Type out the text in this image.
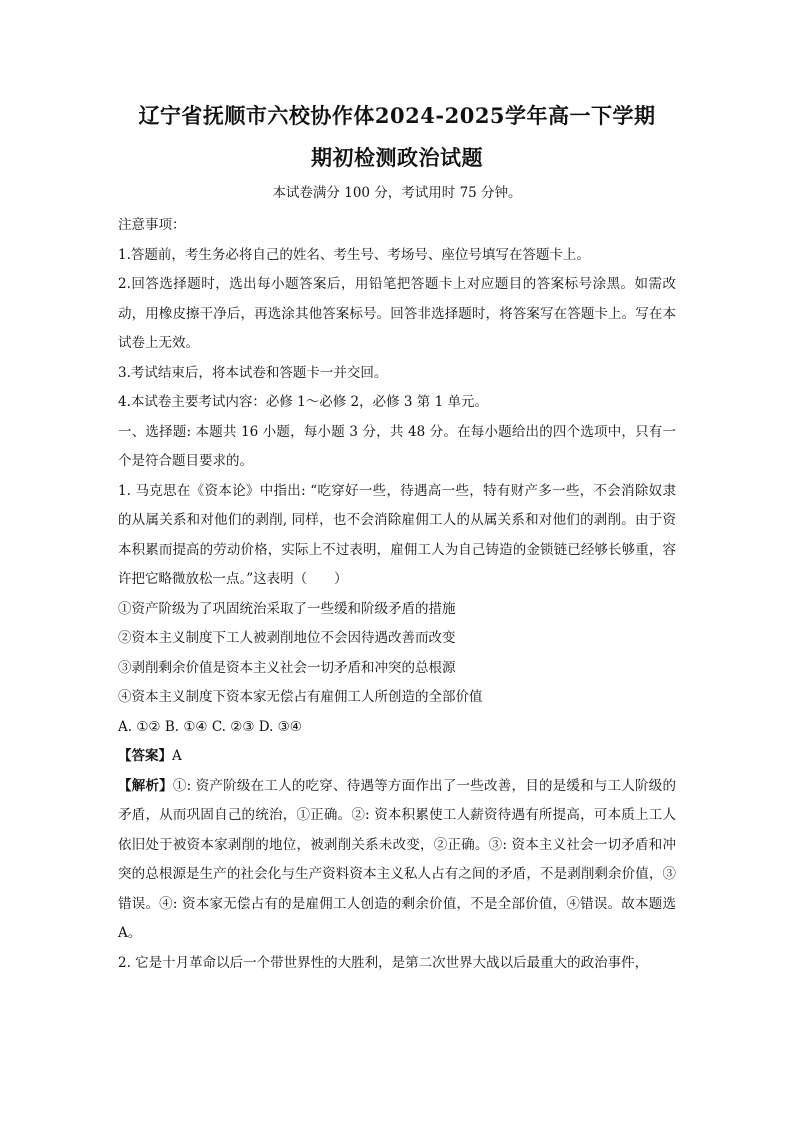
辽宁省抚顺市六校协作体2024-2025学年高一下学期
期初检测政治试题
本试卷满分 100 分，考试用时 75 分钟。

注意事项：

1.答题前，考生务必将自己的姓名、考生号、考场号、座位号填写在答题卡上。

2.回答选择题时，选出每小题答案后，用铅笔把答题卡上对应题目的答案标号涂黑。如需改动，用橡皮擦干净后，再选涂其他答案标号。回答非选择题时，将答案写在答题卡上。写在本试卷上无效。

3.考试结束后，将本试卷和答题卡一并交回。

4.本试卷主要考试内容：必修 1～必修 2，必修 3 第 1 单元。

一、选择题: 本题共 16 小题，每小题 3 分，共 48 分。在每小题给出的四个选项中，只有一个是符合题目要求的。

1. 马克思在《资本论》中指出: “吃穿好一些，待遇高一些，特有财产多一些，不会消除奴隶的从属关系和对他们的剥削, 同样，也不会消除雇佣工人的从属关系和对他们的剥削。由于资本积累而提高的劳动价格，实际上不过表明，雇佣工人为自己铸造的金锁链已经够长够重，容许把它略微放松一点。”这表明（　　）

①资产阶级为了巩固统治采取了一些缓和阶级矛盾的措施

②资本主义制度下工人被剥削地位不会因待遇改善而改变

③剥削剩余价值是资本主义社会一切矛盾和冲突的总根源

④资本主义制度下资本家无偿占有雇佣工人所创造的全部价值

A. ①② B. ①④ C. ②③ D. ③④

【答案】A

【解析】①: 资产阶级在工人的吃穿、待遇等方面作出了一些改善，目的是缓和与工人阶级的矛盾，从而巩固自己的统治，①正确。②: 资本积累使工人薪资待遇有所提高，可本质上工人依旧处于被资本家剥削的地位，被剥削关系未改变，②正确。③: 资本主义社会一切矛盾和冲突的总根源是生产的社会化与生产资料资本主义私人占有之间的矛盾，不是剥削剩余价值，③错误。④: 资本家无偿占有的是雇佣工人创造的剩余价值，不是全部价值，④错误。故本题选 A。

2. 它是十月革命以后一个带世界性的大胜利，是第二次世界大战以后最重大的政治事件，
